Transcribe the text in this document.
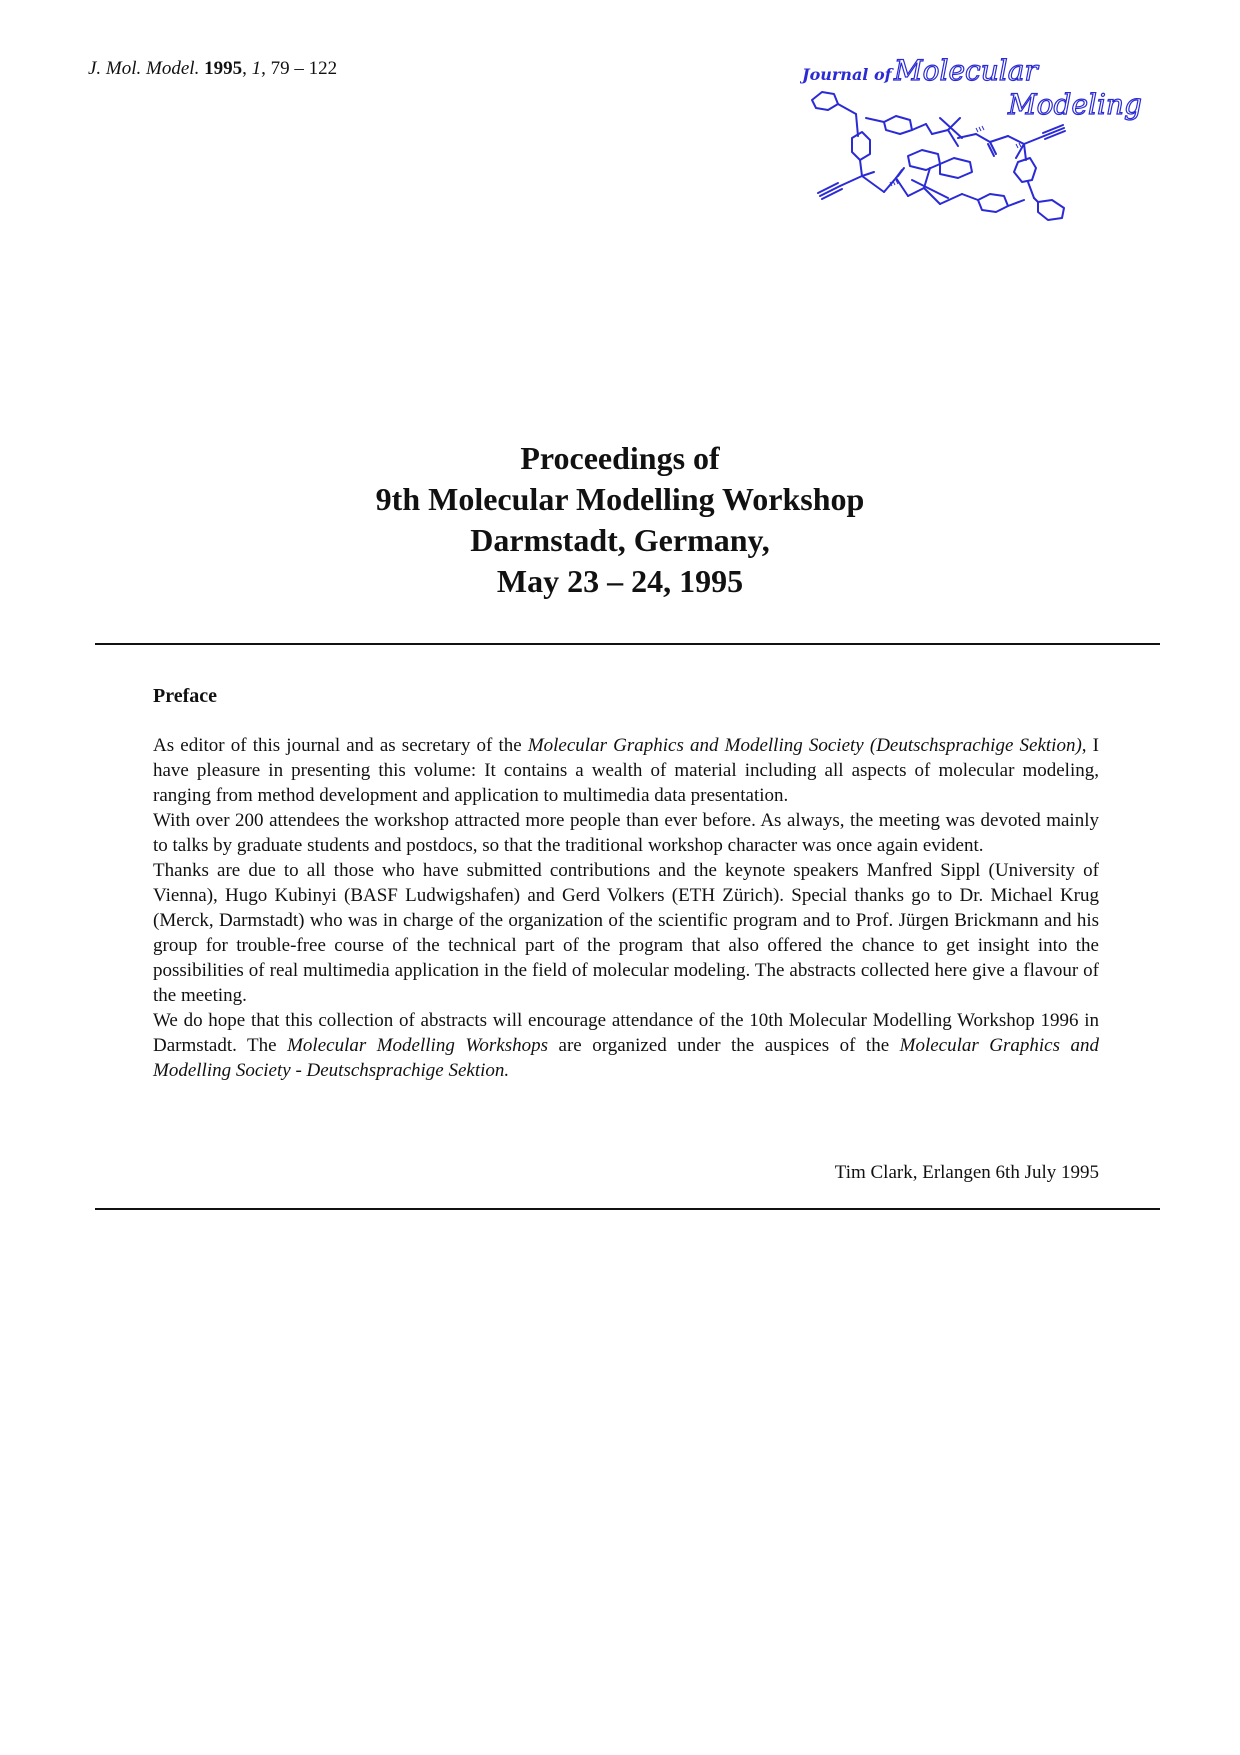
J. Mol. Model. 1995, 1, 79 – 122	Journal of Molecular
Modeling
Proceedings of
9th Molecular Modelling Workshop
Darmstadt, Germany,
May 23 – 24, 1995
Preface

As editor of this journal and as secretary of the Molecular Graphics and Modelling Society (Deutschsprachige Sektion), I have pleasure in presenting this volume: It contains a wealth of material including all aspects of molecular modeling, ranging from method development and application to multimedia data presentation.

With over 200 attendees the workshop attracted more people than ever before. As always, the meeting was devoted mainly to talks by graduate students and postdocs, so that the traditional workshop character was once again evident.

Thanks are due to all those who have submitted contributions and the keynote speakers Manfred Sippl (University of Vienna), Hugo Kubinyi (BASF Ludwigshafen) and Gerd Volkers (ETH Zürich). Special thanks go to Dr. Michael Krug (Merck, Darmstadt) who was in charge of the organization of the scientific program and to Prof. Jürgen Brickmann and his group for trouble-free course of the technical part of the program that also offered the chance to get insight into the possibilities of real multimedia application in the field of molecular modeling. The abstracts collected here give a flavour of the meeting.

We do hope that this collection of abstracts will encourage attendance of the 10th Molecular Modelling Workshop 1996 in Darmstadt. The Molecular Modelling Workshops are organized under the auspices of the Molecular Graphics and Modelling Society - Deutschsprachige Sektion.

Tim Clark, Erlangen 6th July 1995
